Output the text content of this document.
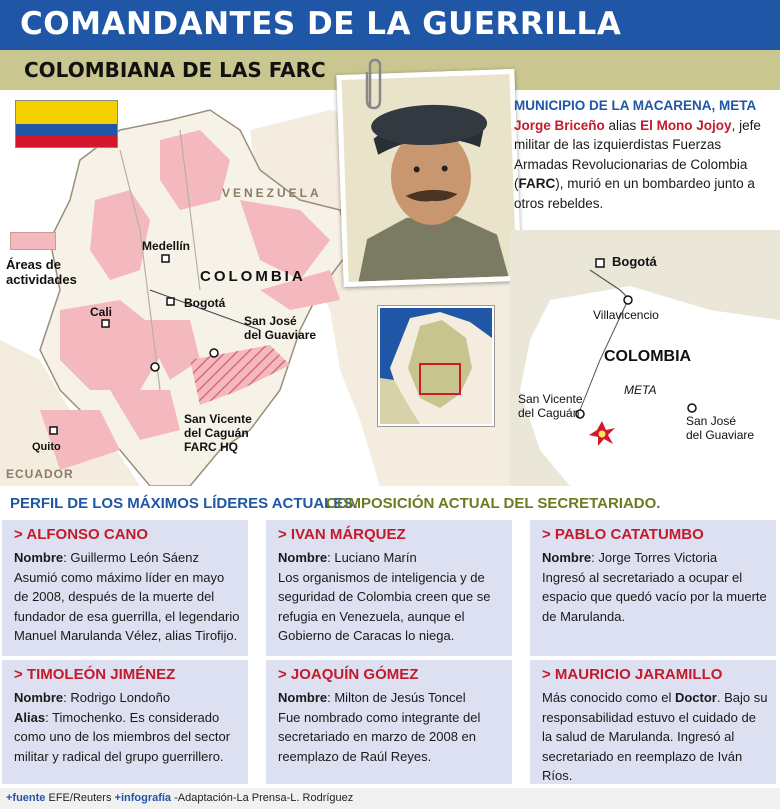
COMANDANTES DE LA GUERRILLA
COLOMBIANA DE LAS FARC
Áreas de
actividades
VENEZUELA
COLOMBIA
ECUADOR
Medellín
Bogotá
Cali
Quito
San José
del Guaviare
San Vicente
del Caguán
FARC HQ
MUNICIPIO DE LA MACARENA, META
Jorge Briceño alias El Mono Jojoy, jefe militar de las izquierdistas Fuerzas Armadas Revolucionarias de Colombia (FARC), murió en un bombardeo junto a otros rebeldes.
Bogotá
Villavicencio
COLOMBIA
META
San Vicente
del Caguán
San José
del Guaviare
PERFIL DE LOS MÁXIMOS LÍDERES ACTUALES.
COMPOSICIÓN ACTUAL DEL SECRETARIADO.
> ALFONSO CANO
Nombre: Guillermo León Sáenz
Asumió como máximo líder en mayo de 2008, después de la muerte del fundador de esa guerrilla, el legendario Manuel Marulanda Vélez, alias Tirofijo.
> IVAN MÁRQUEZ
Nombre: Luciano Marín
Los organismos de inteligencia y de seguridad de Colombia creen que se refugia en Venezuela, aunque el Gobierno de Caracas lo niega.
> PABLO CATATUMBO
Nombre: Jorge Torres Victoria
Ingresó al secretariado a ocupar el espacio que quedó vacío por la muerte de Marulanda.
> TIMOLEÓN JIMÉNEZ
Nombre: Rodrigo Londoño
Alias: Timochenko. Es considerado como uno de los miembros del sector militar y radical del grupo guerrillero.
> JOAQUÍN GÓMEZ
Nombre: Milton de Jesús Toncel
Fue nombrado como integrante del secretariado en marzo de 2008 en reemplazo de Raúl Reyes.
> MAURICIO JARAMILLO
Más conocido como el Doctor. Bajo su responsabilidad estuvo el cuidado de la salud de Marulanda. Ingresó al secretariado en reemplazo de Iván Ríos.
+fuente EFE/Reuters +infografía -Adaptación-La Prensa-L. Rodríguez
